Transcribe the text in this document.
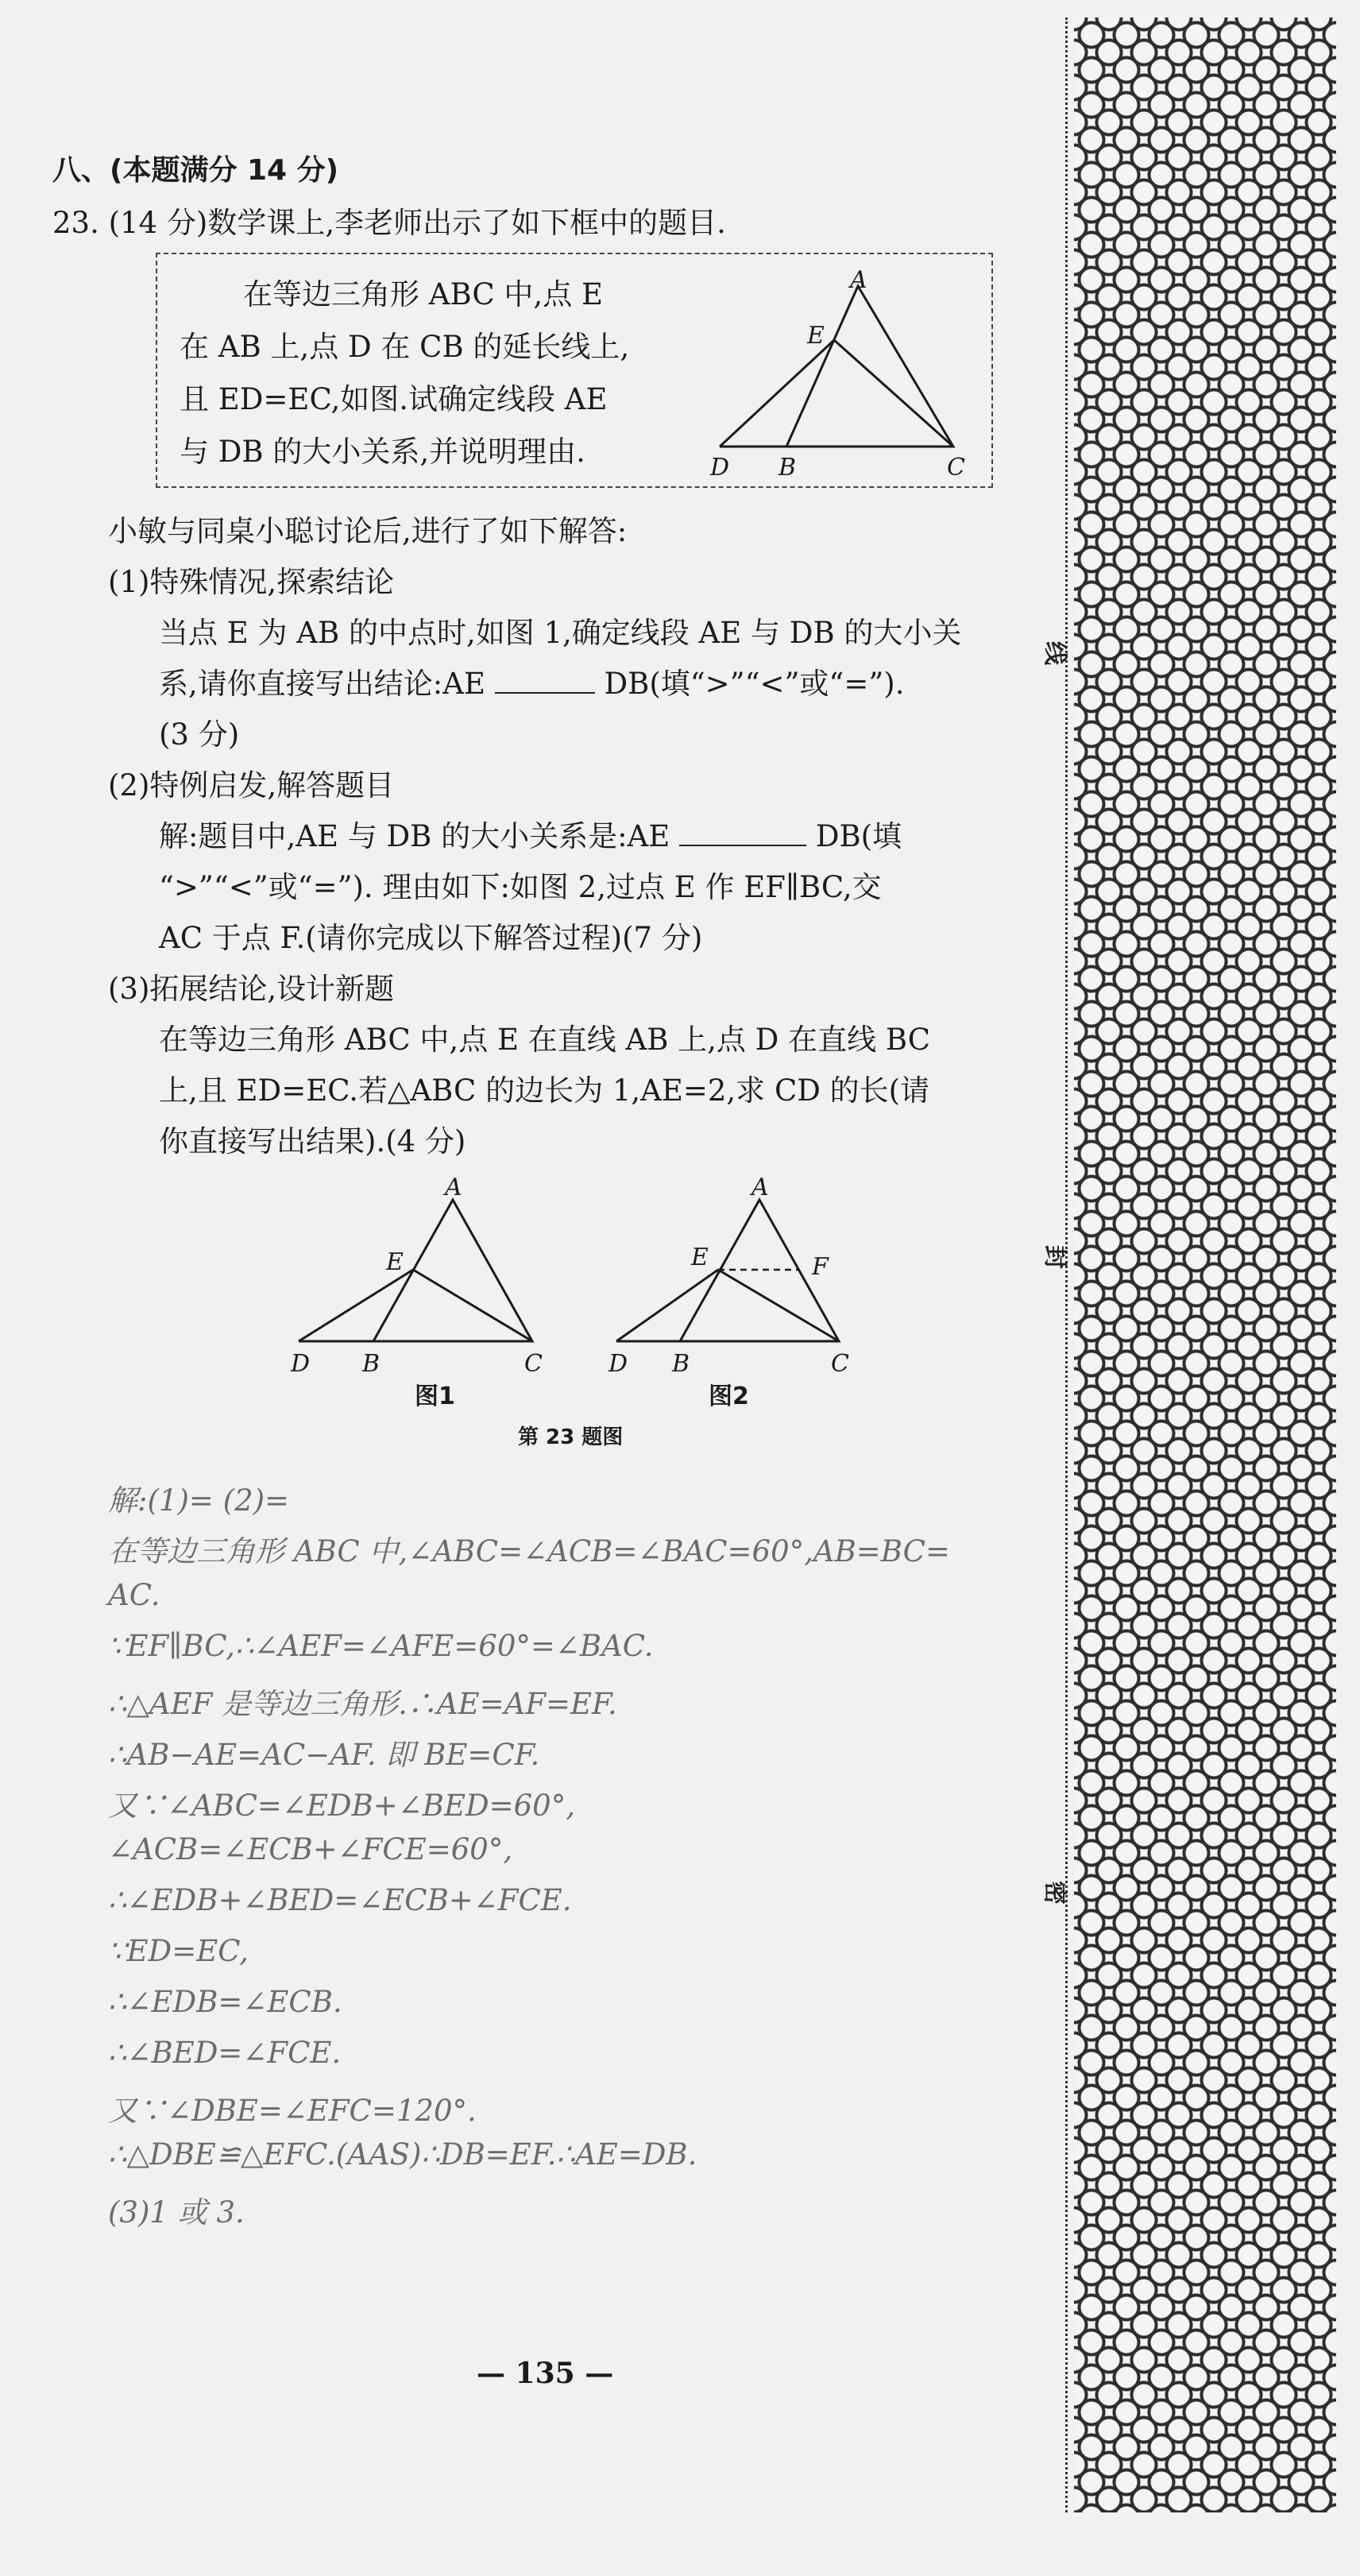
八、(本题满分 14 分)
23. (14 分)数学课上,李老师出示了如下框中的题目.
在等边三角形 ABC 中,点 E
在 AB 上,点 D 在 CB 的延长线上,
且 ED=EC,如图.试确定线段 AE
与 DB 的大小关系,并说明理由.
A
E
D B	C
小敏与同桌小聪讨论后,进行了如下解答:
(1)特殊情况,探索结论
当点 E 为 AB 的中点时,如图 1,确定线段 AE 与 DB 的大小关
系,请你直接写出结论:AE	DB(填“>”“<”或“=”).
(3 分)
(2)特例启发,解答题目
解:题目中,AE 与 DB 的大小关系是:AE	DB(填
“>”“<”或“=”). 理由如下:如图 2,过点 E 作 EF∥BC,交
AC 于点 F.(请你完成以下解答过程)(7 分)
(3)拓展结论,设计新题
在等边三角形 ABC 中,点 E 在直线 AB 上,点 D 在直线 BC
上,且 ED=EC.若△ABC 的边长为 1,AE=2,求 CD 的长(请
你直接写出结果).(4 分)
A
E
D B	C
图1
A
E	F
D B	C
图2
第 23 题图
解:(1)= (2)=
在等边三角形 ABC 中,∠ABC=∠ACB=∠BAC=60°,AB=BC=
AC.
∵EF∥BC,∴∠AEF=∠AFE=60°=∠BAC.
∴△AEF 是等边三角形.∴AE=AF=EF.
∴AB−AE=AC−AF. 即 BE=CF.
又∵∠ABC=∠EDB+∠BED=60°,
∠ACB=∠ECB+∠FCE=60°,
∴∠EDB+∠BED=∠ECB+∠FCE.
∵ED=EC,
∴∠EDB=∠ECB.
∴∠BED=∠FCE.
又∵∠DBE=∠EFC=120°.
∴△DBE≌△EFC.(AAS)∴DB=EF.∴AE=DB.
(3)1 或 3.
— 135 —
线
封
密
